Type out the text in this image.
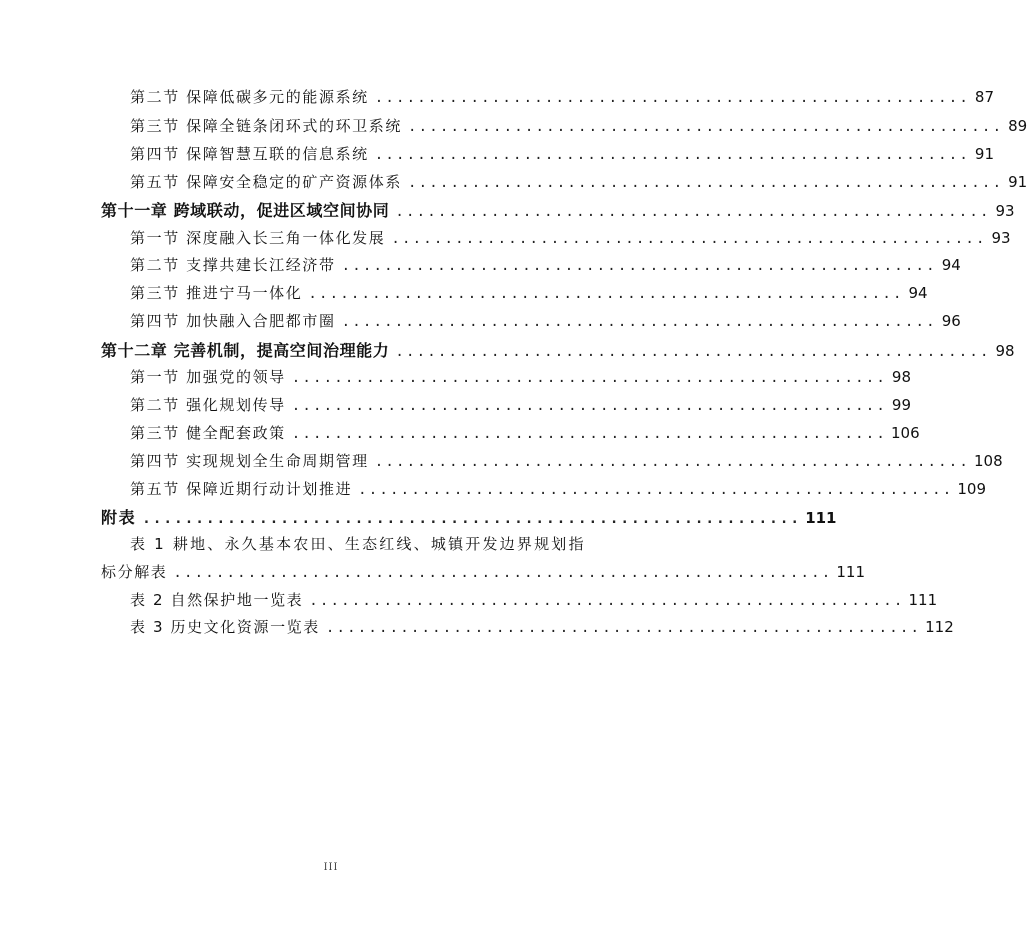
第二节 保障低碳多元的能源系统 ........................................................ 87
第三节 保障全链条闭环式的环卫系统 ........................................................ 89
第四节 保障智慧互联的信息系统 ........................................................ 91
第五节 保障安全稳定的矿产资源体系 ........................................................ 91
第十一章 跨域联动，促进区域空间协同 ........................................................ 93
第一节 深度融入长三角一体化发展 ........................................................ 93
第二节 支撑共建长江经济带 ........................................................ 94
第三节 推进宁马一体化 ........................................................ 94
第四节 加快融入合肥都市圈 ........................................................ 96
第十二章 完善机制，提高空间治理能力 ........................................................ 98
第一节 加强党的领导 ........................................................ 98
第二节 强化规划传导 ........................................................ 99
第三节 健全配套政策 ........................................................ 106
第四节 实现规划全生命周期管理 ........................................................ 108
第五节 保障近期行动计划推进 ........................................................ 109
附表 .............................................................. 111
表 1 耕地、永久基本农田、生态红线、城镇开发边界规划指
标分解表 .............................................................. 111
表 2 自然保护地一览表 ........................................................ 111
表 3 历史文化资源一览表 ........................................................ 112
III
